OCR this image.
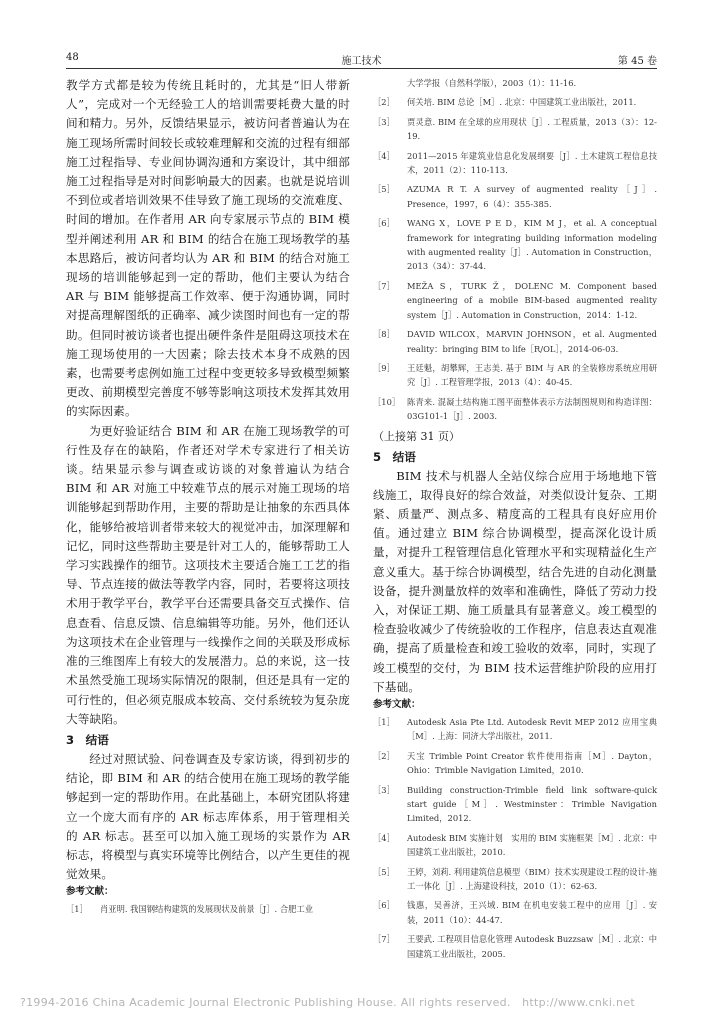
48	施工技术	第 45 卷

教学方式都是较为传统且耗时的，尤其是“旧人带新人”，完成对一个无经验工人的培训需要耗费大量的时间和精力。另外，反馈结果显示，被访问者普遍认为在施工现场所需时间较长或较难理解和交流的过程有细部施工过程指导、专业间协调沟通和方案设计，其中细部施工过程指导是对时间影响最大的因素。也就是说培训不到位或者培训效果不佳导致了施工现场的交流难度、时间的增加。在作者用 AR 向专家展示节点的 BIM 模型并阐述利用 AR 和 BIM 的结合在施工现场教学的基本思路后，被访问者均认为 AR 和 BIM 的结合对施工现场的培训能够起到一定的帮助，他们主要认为结合 AR 与 BIM 能够提高工作效率、便于沟通协调，同时对提高理解图纸的正确率、减少读图时间也有一定的帮助。但同时被访谈者也提出硬件条件是阻碍这项技术在施工现场使用的一大因素；除去技术本身不成熟的因素，也需要考虑例如施工过程中变更较多导致模型频繁更改、前期模型完善度不够等影响这项技术发挥其效用的实际因素。

为更好验证结合 BIM 和 AR 在施工现场教学的可行性及存在的缺陷，作者还对学术专家进行了相关访谈。结果显示参与调查或访谈的对象普遍认为结合 BIM 和 AR 对施工中较难节点的展示对施工现场的培训能够起到帮助作用，主要的帮助是让抽象的东西具体化，能够给被培训者带来较大的视觉冲击，加深理解和记忆，同时这些帮助主要是针对工人的，能够帮助工人学习实践操作的细节。这项技术主要适合施工工艺的指导、节点连接的做法等教学内容，同时，若要将这项技术用于教学平台，教学平台还需要具备交互式操作、信息查看、信息反馈、信息编辑等功能。另外，他们还认为这项技术在企业管理与一线操作之间的关联及形成标准的三维图库上有较大的发展潜力。总的来说，这一技术虽然受施工现场实际情况的限制，但还是具有一定的可行性的，但必须克服成本较高、交付系统较为复杂庞大等缺陷。

3　结语

经过对照试验、问卷调查及专家访谈，得到初步的结论，即 BIM 和 AR 的结合使用在施工现场的教学能够起到一定的帮助作用。在此基础上，本研究团队将建立一个庞大而有序的 AR 标志库体系，用于管理相关的 AR 标志。甚至可以加入施工现场的实景作为 AR 标志，将模型与真实环境等比例结合，以产生更佳的视觉效果。

参考文献：
［1］	肖亚明. 我国钢结构建筑的发展现状及前景［J］. 合肥工业
大学学报（自然科学版），2003（1）：11-16.
［2］	何关培. BIM 总论［M］. 北京：中国建筑工业出版社，2011.
［3］	贾灵意. BIM 在全球的应用现状［J］. 工程质量，2013（3）：12-19.
［4］	2011—2015 年建筑业信息化发展纲要［J］. 土木建筑工程信息技术，2011（2）：110-113.
［5］	AZUMA R T. A survey of augmented reality［J］. Presence，1997，6（4）：355-385.
［6］	WANG X，LOVE P E D，KIM M J，et al. A conceptual framework for integrating building information modeling with augmented reality［J］. Automation in Construction，2013（34）：37-44.
［7］	MEŽA S，TURK Ž，DOLENC M. Component based engineering of a mobile BIM-based augmented reality system［J］. Automation in Construction，2014：1-12.
［8］	DAVID WILCOX，MARVIN JOHNSON，et al. Augmented reality：bringing BIM to life［R/OL］，2014-06-03.
［9］	王廷魁，胡攀辉，王志美. 基于 BIM 与 AR 的全装修房系统应用研究［J］. 工程管理学报，2013（4）：40-45.
［10］ 陈青来. 混凝土结构施工图平面整体表示方法制图规则和构造详图：03G101-1［J］. 2003.
（上接第 31 页）
5　结语

BIM 技术与机器人全站仪综合应用于场地地下管线施工，取得良好的综合效益，对类似设计复杂、工期紧、质量严、测点多、精度高的工程具有良好应用价值。通过建立 BIM 综合协调模型，提高深化设计质量，对提升工程管理信息化管理水平和实现精益化生产意义重大。基于综合协调模型，结合先进的自动化测量设备，提升测量放样的效率和准确性，降低了劳动力投入，对保证工期、施工质量具有显著意义。竣工模型的检查验收减少了传统验收的工作程序，信息表达直观准确，提高了质量检查和竣工验收的效率，同时，实现了竣工模型的交付，为 BIM 技术运营维护阶段的应用打下基础。

参考文献：
［1］	Autodesk Asia Pte Ltd. Autodesk Revit MEP 2012 应用宝典［M］. 上海：同济大学出版社，2011.
［2］	天宝 Trimble Point Creator 软件使用指南［M］. Dayton，Ohio：Trimble Navigation Limited，2010.
［3］	Building construction-Trimble field link software-quick start guide［M］. Westminster：Trimble Navigation Limited，2012.
［4］	Autodesk BIM 实施计划　实用的 BIM 实施框架［M］. 北京：中国建筑工业出版社，2010.
［5］	王婷，刘莉. 利用建筑信息模型（BIM）技术实现建设工程的设计-施工一体化［J］. 上海建设科技，2010（1）：62-63.
［6］	钱惠，吴善济，王兴域. BIM 在机电安装工程中的应用［J］. 安装，2011（10）：44-47.
［7］	王要武. 工程项目信息化管理 Autodesk Buzzsaw［M］. 北京：中国建筑工业出版社，2005.
?1994-2016 China Academic Journal Electronic Publishing House. All rights reserved.　http://www.cnki.net
